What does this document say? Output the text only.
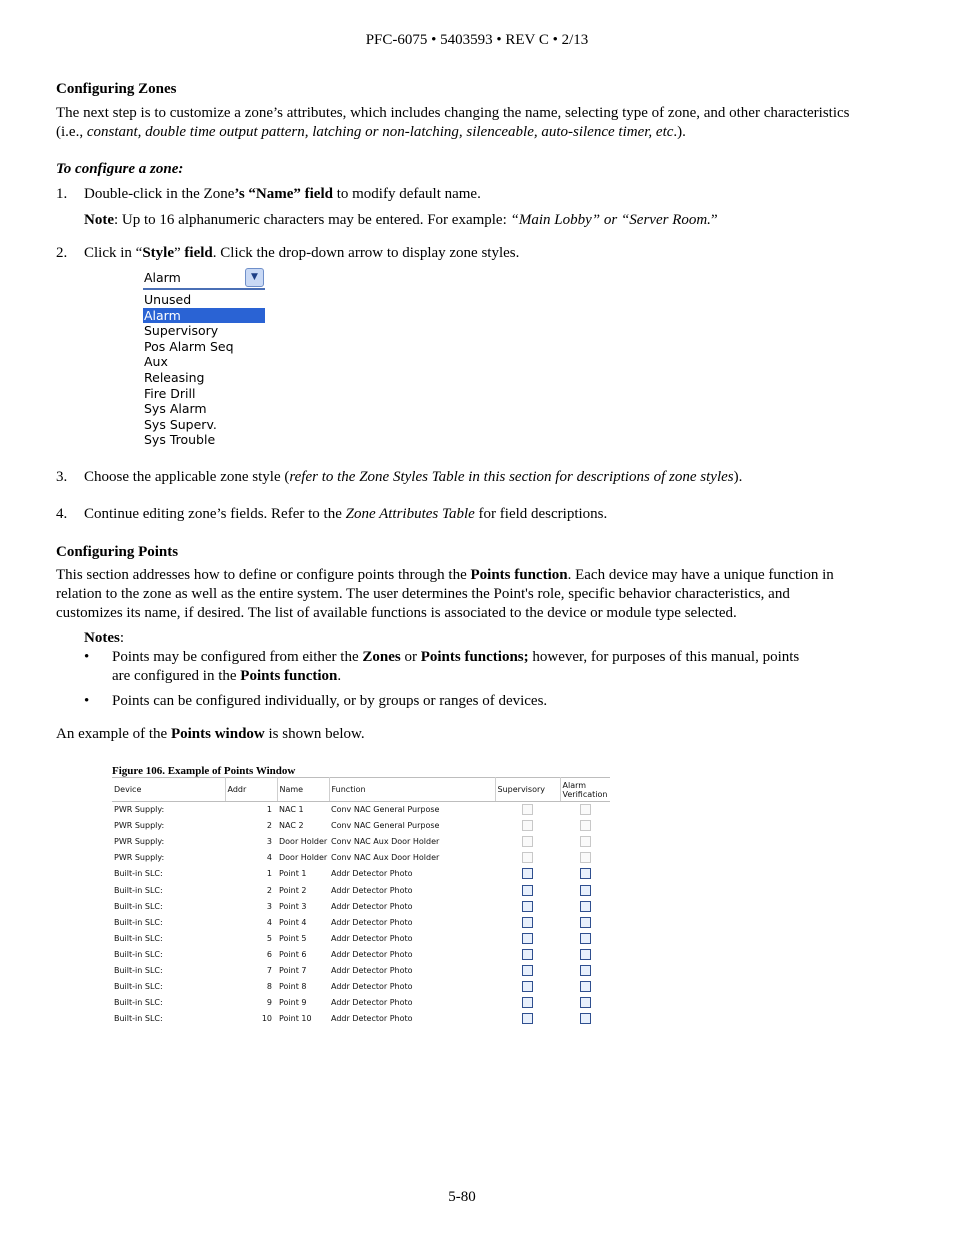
PFC-6075 • 5403593 • REV C • 2/13
Configuring Zones
The next step is to customize a zone’s attributes, which includes changing the name, selecting type of zone, and other characteristics (i.e., constant, double time output pattern, latching or non-latching, silenceable, auto-silence timer, etc.).
To configure a zone:
1. Double-click in the Zone’s “Name” field to modify default name.
Note: Up to 16 alphanumeric characters may be entered. For example: “Main Lobby” or “Server Room.”
2. Click in “Style” field. Click the drop-down arrow to display zone styles.
Alarm	▼
Unused
Alarm
Supervisory
Pos Alarm Seq
Aux
Releasing
Fire Drill
Sys Alarm
Sys Superv.
Sys Trouble
3. Choose the applicable zone style (refer to the Zone Styles Table in this section for descriptions of zone styles).
4. Continue editing zone’s fields. Refer to the Zone Attributes Table for field descriptions.
Configuring Points
This section addresses how to define or configure points through the Points function. Each device may have a unique function in relation to the zone as well as the entire system. The user determines the Point's role, specific behavior characteristics, and customizes its name, if desired. The list of available functions is associated to the device or module type selected.
Notes:
•	Points may be configured from either the Zones or Points functions; however, for purposes of this manual, points are configured in the Points function.
•	Points can be configured individually, or by groups or ranges of devices.
An example of the Points window is shown below.
Figure 106. Example of Points Window
Device	Addr	Name	Function	Supervisory	Alarm Verification
PWR Supply:	1	NAC 1	Conv NAC General Purpose		
PWR Supply:	2	NAC 2	Conv NAC General Purpose		
PWR Supply:	3	Door Holder	Conv NAC Aux Door Holder		
PWR Supply:	4	Door Holder	Conv NAC Aux Door Holder		
Built-in SLC:	1	Point 1	Addr Detector Photo		
Built-in SLC:	2	Point 2	Addr Detector Photo		
Built-in SLC:	3	Point 3	Addr Detector Photo		
Built-in SLC:	4	Point 4	Addr Detector Photo		
Built-in SLC:	5	Point 5	Addr Detector Photo		
Built-in SLC:	6	Point 6	Addr Detector Photo		
Built-in SLC:	7	Point 7	Addr Detector Photo		
Built-in SLC:	8	Point 8	Addr Detector Photo		
Built-in SLC:	9	Point 9	Addr Detector Photo		
Built-in SLC:	10	Point 10	Addr Detector Photo		
5-80
